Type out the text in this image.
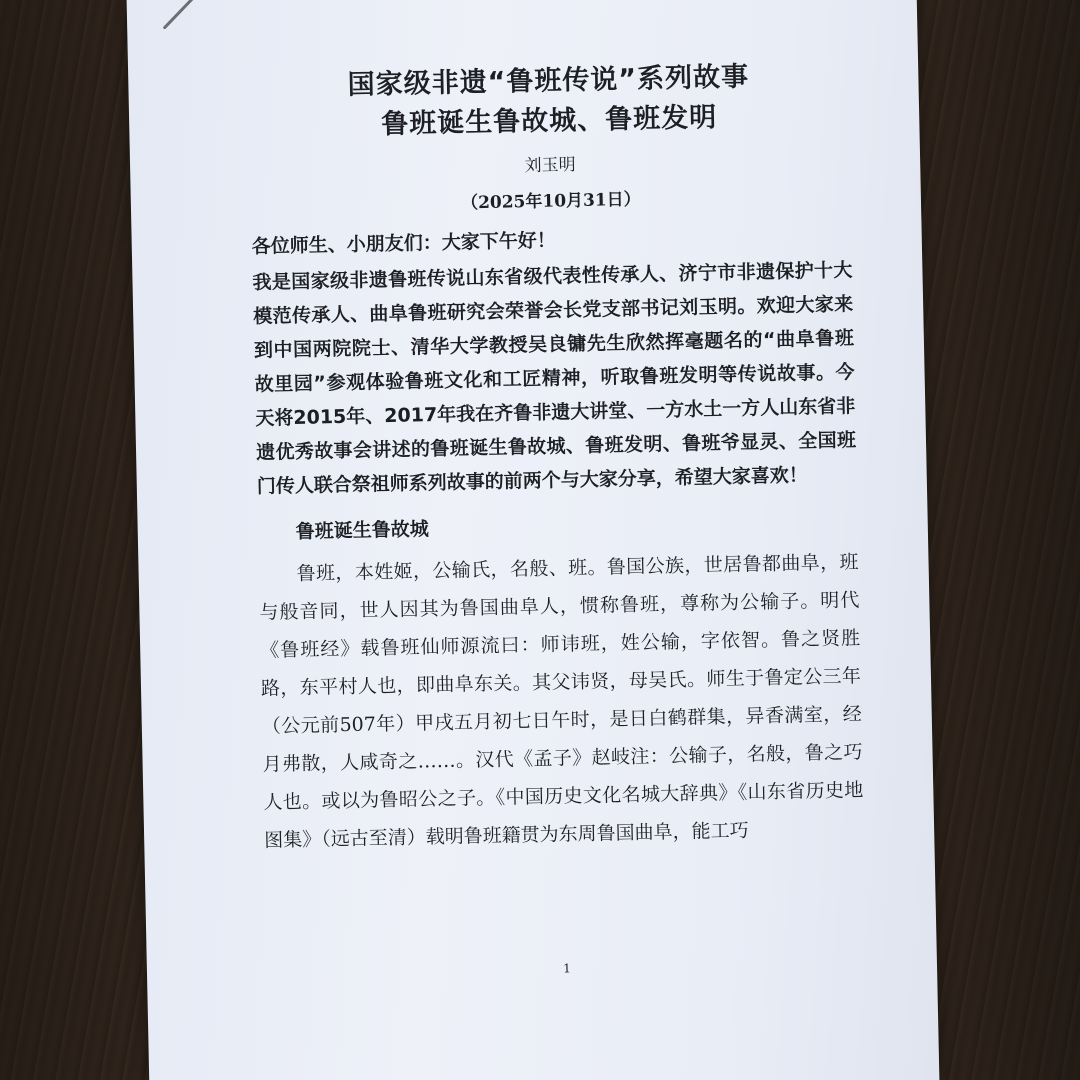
国家级非遗“鲁班传说”系列故事
鲁班诞生鲁故城、鲁班发明
刘玉明
（2025年10月31日）
各位师生、小朋友们：大家下午好！

我是国家级非遗鲁班传说山东省级代表性传承人、济宁市非遗保护十大模范传承人、曲阜鲁班研究会荣誉会长党支部书记刘玉明。欢迎大家来到中国两院院士、清华大学教授吴良镛先生欣然挥毫题名的“曲阜鲁班故里园”参观体验鲁班文化和工匠精神，听取鲁班发明等传说故事。今天将2015年、2017年我在齐鲁非遗大讲堂、一方水土一方人山东省非遗优秀故事会讲述的鲁班诞生鲁故城、鲁班发明、鲁班爷显灵、全国班门传人联合祭祖师系列故事的前两个与大家分享，希望大家喜欢！

鲁班诞生鲁故城

鲁班，本姓姬，公输氏，名般、班。鲁国公族，世居鲁都曲阜，班与般音同，世人因其为鲁国曲阜人，惯称鲁班，尊称为公输子。明代《鲁班经》载鲁班仙师源流曰：师讳班，姓公输，字依智。鲁之贤胜路，东平村人也，即曲阜东关。其父讳贤，母吴氏。师生于鲁定公三年（公元前507年）甲戌五月初七日午时，是日白鹤群集，异香满室，经月弗散，人咸奇之……。汉代《孟子》赵岐注：公输子，名般，鲁之巧人也。或以为鲁昭公之子。《中国历史文化名城大辞典》《山东省历史地图集》（远古至清）载明鲁班籍贯为东周鲁国曲阜，能工巧

1
